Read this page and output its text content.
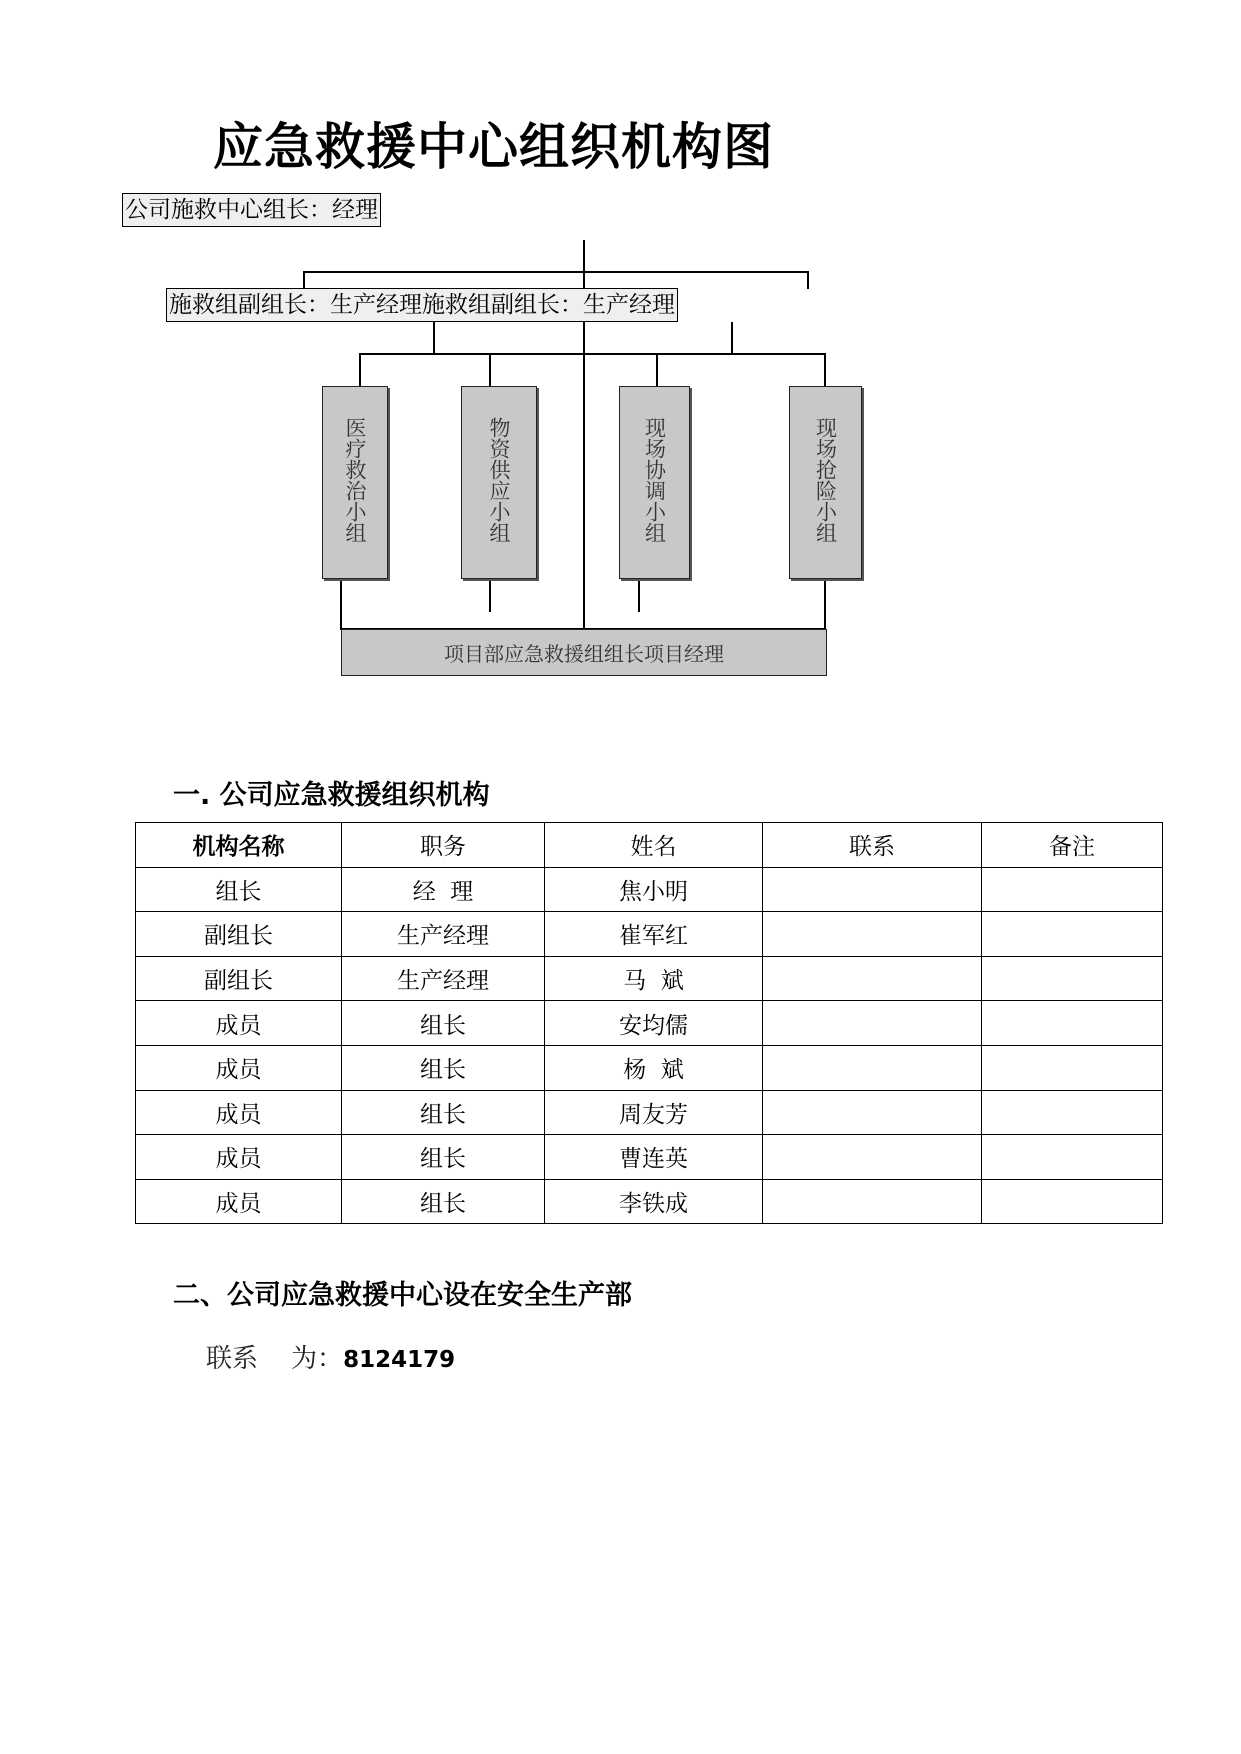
应急救援中心组织机构图
公司施救中心组长：经理
医疗救治小组	物资供应小组	现场协调小组	现场抢险小组
项目部应急救援组组长项目经理
施救组副组长：生产经理施救组副组长：生产经理
一. 公司应急救援组织机构
机构名称	职务	姓名	联系	备注
组长	经  理	焦小明		
副组长	生产经理	崔军红		
副组长	生产经理	马  斌		
成员	组长	安均儒		
成员	组长	杨  斌		
成员	组长	周友芳		
成员	组长	曹连英		
成员	组长	李铁成		
二、公司应急救援中心设在安全生产部
联系    为：8124179
